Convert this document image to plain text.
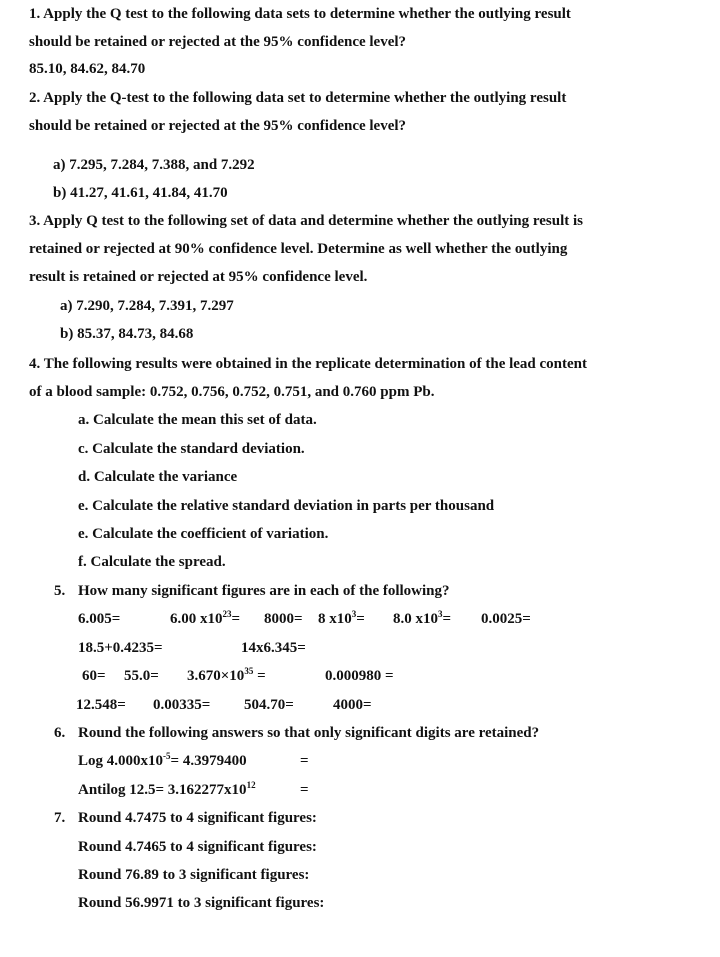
1. Apply the Q test to the following data sets to determine whether the outlying result
should be retained or rejected at the 95% confidence level?
85.10, 84.62, 84.70
2. Apply the Q-test to the following data set to determine whether the outlying result
should be retained or rejected at the 95% confidence level?
a) 7.295, 7.284, 7.388, and 7.292
b) 41.27, 41.61, 41.84, 41.70
3. Apply Q test to the following set of data and determine whether the outlying result is
retained or rejected at 90% confidence level. Determine as well whether the outlying
result is retained or rejected at 95% confidence level.
a) 7.290, 7.284, 7.391, 7.297
b) 85.37, 84.73, 84.68
4. The following results were obtained in the replicate determination of the lead content
of a blood sample: 0.752, 0.756, 0.752, 0.751, and 0.760 ppm Pb.
a. Calculate the mean this set of data.
c. Calculate the standard deviation.
d. Calculate the variance
e. Calculate the relative standard deviation in parts per thousand
e. Calculate the coefficient of variation.
f. Calculate the spread.
5. How many significant figures are in each of the following?
6.005=	6.00 $x10^{23}= 8000= 8$ $x10^3= 8.0$ $x10^3= 0.0025=$
18.5+0.4235=	14x6.345=
$60= 55.0= 3.670\times 10^{35}$ =	0.000980 =
12.548= 0.00335= 504.70=	4000=
6. Round the following answers so that only significant digits are retained?
Log $4.000x10^{-5}= 4.3979400$	=
Antilog $12.5= 3.162277x10^{12}$	=
7. Round 4.7475 to 4 significant figures:
Round 4.7465 to 4 significant figures:
Round 76.89 to 3 significant figures:
Round 56.9971 to 3 significant figures:
